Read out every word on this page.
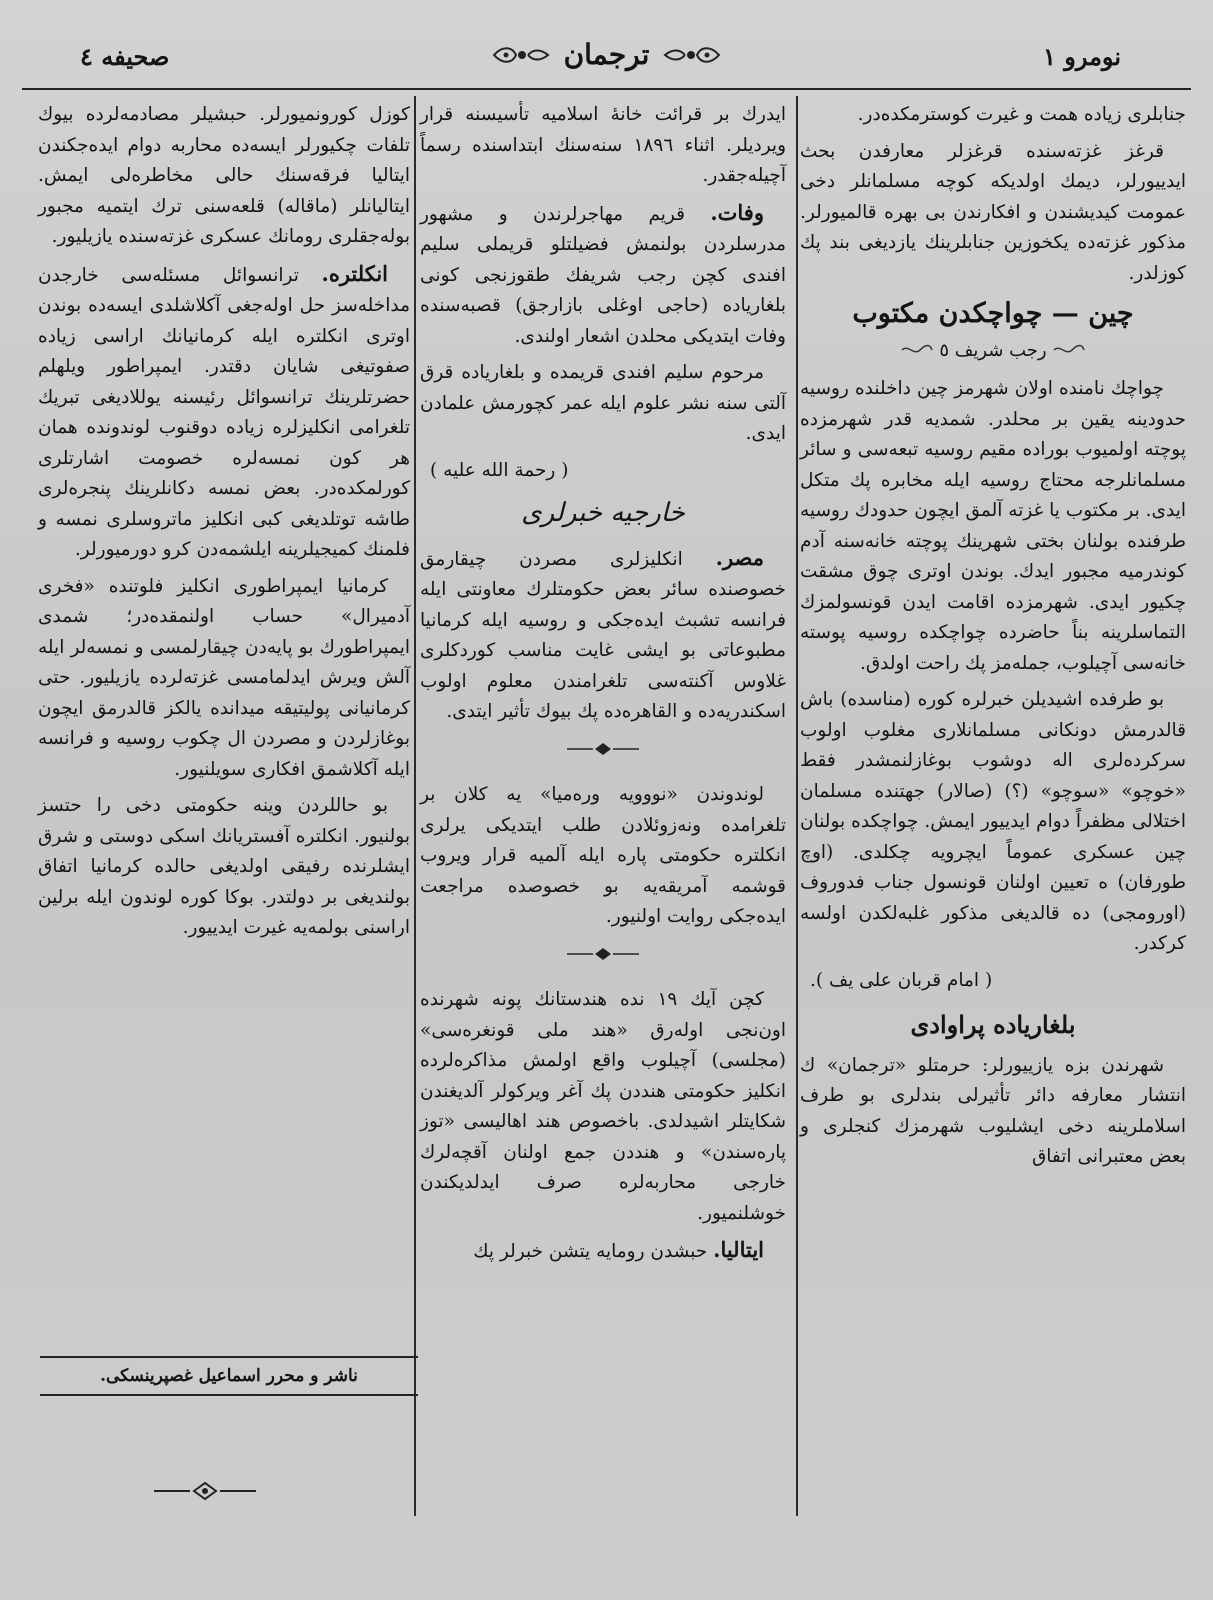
نومرو ۱
ترجمان
صحیفه ٤

جنابلری زیاده همت و غیرت کوسترمکده‌در.

قرغز غزته‌سنده قرغزلر معارفدن بحث ایدییورلر، دیمك اولدیکه کوچه مسلمانلر دخی عمومت کیدیشندن و افکارندن بی بهره قالمیورلر. مذکور غزته‌ده یکخوزین جنابلرینك یازدیغی بند پك کوزلدر.

چین — چواچکدن مکتوب
رجب شریف ٥

چواچك نامنده اولان شهرمز چین داخلنده روسیه حدودینه یقین بر محلدر. شمدیه قدر شهرمزده پوچته اولمیوب بوراده مقیم روسیه تبعه‌سی و سائر مسلمانلرجه محتاج روسیه ایله مخابره پك متکل ایدی. بر مکتوب یا غزته آلمق ایچون حدودك روسیه طرفنده بولنان بختی شهرینك پوچته خانه‌سنه آدم کوندرمیه مجبور ایدك. بوندن اوتری چوق مشقت چکیور ایدی. شهرمزده اقامت ایدن قونسولمزك التماسلرینه بناً حاضرده چواچکده روسیه پوسته خانه‌سی آچیلوب، جمله‌مز پك راحت اولدق.

بو طرفده اشیدیلن خبرلره کوره (مناسده) باش قالدرمش دونکانی مسلمانلاری مغلوب اولوب سرکرده‌لری اله دوشوب بوغازلنمشدر فقط «خوچو» «سوچو» (؟) (صالار) جهتنده مسلمان اختلالی مظفراً دوام ایدییور ایمش. چواچکده بولنان چین عسکری عموماً ایچرویه چکلدی. (اوچ طورفان) ه تعیین اولنان قونسول جناب فدوروف (اورومجی) ده قالدیغی مذکور غلبه‌لکدن اولسه کرکدر.

( امام قربان علی یف ).
بلغاریاده پراوادی

شهرندن بزه یازییورلر: حرمتلو «ترجمان» ك انتشار معارفه دائر تأثیرلی بندلری بو طرف اسلاملرینه دخی ایشلیوب شهرمزك کنجلری و بعض معتبرانی اتفاق

ایدرك بر قرائت خانهٔ اسلامیه تأسیسنه قرار ویردیلر. اثناء ۱۸۹٦ سنه‌سنك ابتداسنده رسماً آچیله‌جقدر.

وفات. قریم مهاجرلرندن و مشهور مدرسلردن بولنمش فضیلتلو قریملی سلیم افندی کچن رجب شریفك طقوزنجی کونی بلغاریاده (حاجی اوغلی بازارجق) قصبه‌سنده وفات ایتدیکی محلدن اشعار اولندی.

مرحوم سلیم افندی قریمده و بلغاریاده قرق آلتی سنه نشر علوم ایله عمر کچورمش علمادن ایدی.

( رحمة الله علیه )
خارجیه خبرلری

مصر. انکلیزلری مصردن چیقارمق خصوصنده سائر بعض حکومتلرك معاونتی ایله فرانسه تشبث ایده‌جکی و روسیه ایله کرمانیا مطبوعاتی بو ایشی غایت مناسب کوردکلری غلاوس آکنته‌سی تلغرامندن معلوم اولوب اسکندریه‌ده و القاهره‌ده پك بیوك تأثیر ایتدی.

لوندوندن «نووویه ورەمیا» یه کلان بر تلغرامده ونەزوئلادن طلب ایتدیکی یرلری انکلتره حکومتی پاره ایله آلمیه قرار ویروب قوشمه آمریقه‌یه بو خصوصده مراجعت ایده‌جکی روایت اولنیور.

کچن آیك ۱۹ نده هندستانك پونه شهرنده اون‌نجی اوله‌رق «هند ملی قونغره‌سی» (مجلسی) آچیلوب واقع اولمش مذاکره‌لرده انکلیز حکومتی هنددن پك آغر ویرکولر آلدیغندن شکایتلر اشیدلدی. باخصوص هند اهالیسی «توز پاره‌سندن» و هنددن جمع اولنان آقچه‌لرك خارجی محاربه‌لره صرف ایدلدیکندن خوشلنمیور.

ایتالیا. حبشدن رومایه یتشن خبرلر پك

کوزل کورونمیورلر. حبشیلر مصادمه‌لرده بیوك تلفات چکیورلر ایسه‌ده محاربه دوام ایده‌جکندن ایتالیا فرقه‌سنك حالی مخاطره‌لی ایمش. ایتالیانلر (ماقاله) قلعه‌سنی ترك ایتمیه مجبور بوله‌جقلری رومانك عسکری غزته‌سنده یازیلیور.

انکلتره. ترانسوائل مسئله‌سی خارجدن مداخله‌سز حل اوله‌جغی آکلاشلدی ایسه‌ده بوندن اوتری انکلتره ایله کرمانیانك اراسی زیاده صفوتیغی شایان دقتدر. ایمپراطور ویلهلم حضرتلرینك ترانسوائل رئیسنه یوللادیغی تبریك تلغرامی انکلیزلره زیاده دوقنوب لوندونده همان هر کون نمسه‌لره خصومت اشارتلری کورلمکده‌در. بعض نمسه دکانلرینك پنجره‌لری طاشه توتلدیغی کبی انکلیز ماتروسلری نمسه و فلمنك کمیجیلرینه ایلشمه‌دن کرو دورمیورلر.

کرمانیا ایمپراطوری انکلیز فلوتنده «فخری آدمیرال» حساب اولنمقده‌در؛ شمدی ایمپراطورك بو پایه‌دن چیقارلمسی و نمسه‌لر ایله آلش ویرش ایدلمامسی غزته‌لرده یازیلیور. حتی کرمانیانی پولیتیقه میدانده یالکز قالدرمق ایچون بوغازلردن و مصردن ال چکوب روسیه و فرانسه ایله آکلاشمق افکاری سویلنیور.

بو حاللردن وینه حکومتی دخی را حتسز بولنیور. انکلتره آفستریانك اسکی دوستی و شرق ایشلرنده رفیقی اولدیغی حالده کرمانیا اتفاق بولندیغی بر دولتدر. بوکا کوره لوندون ایله برلین اراسنی بولمه‌یه غیرت ایدییور.

ناشر و محرر اسماعیل غصپرینسکی.
